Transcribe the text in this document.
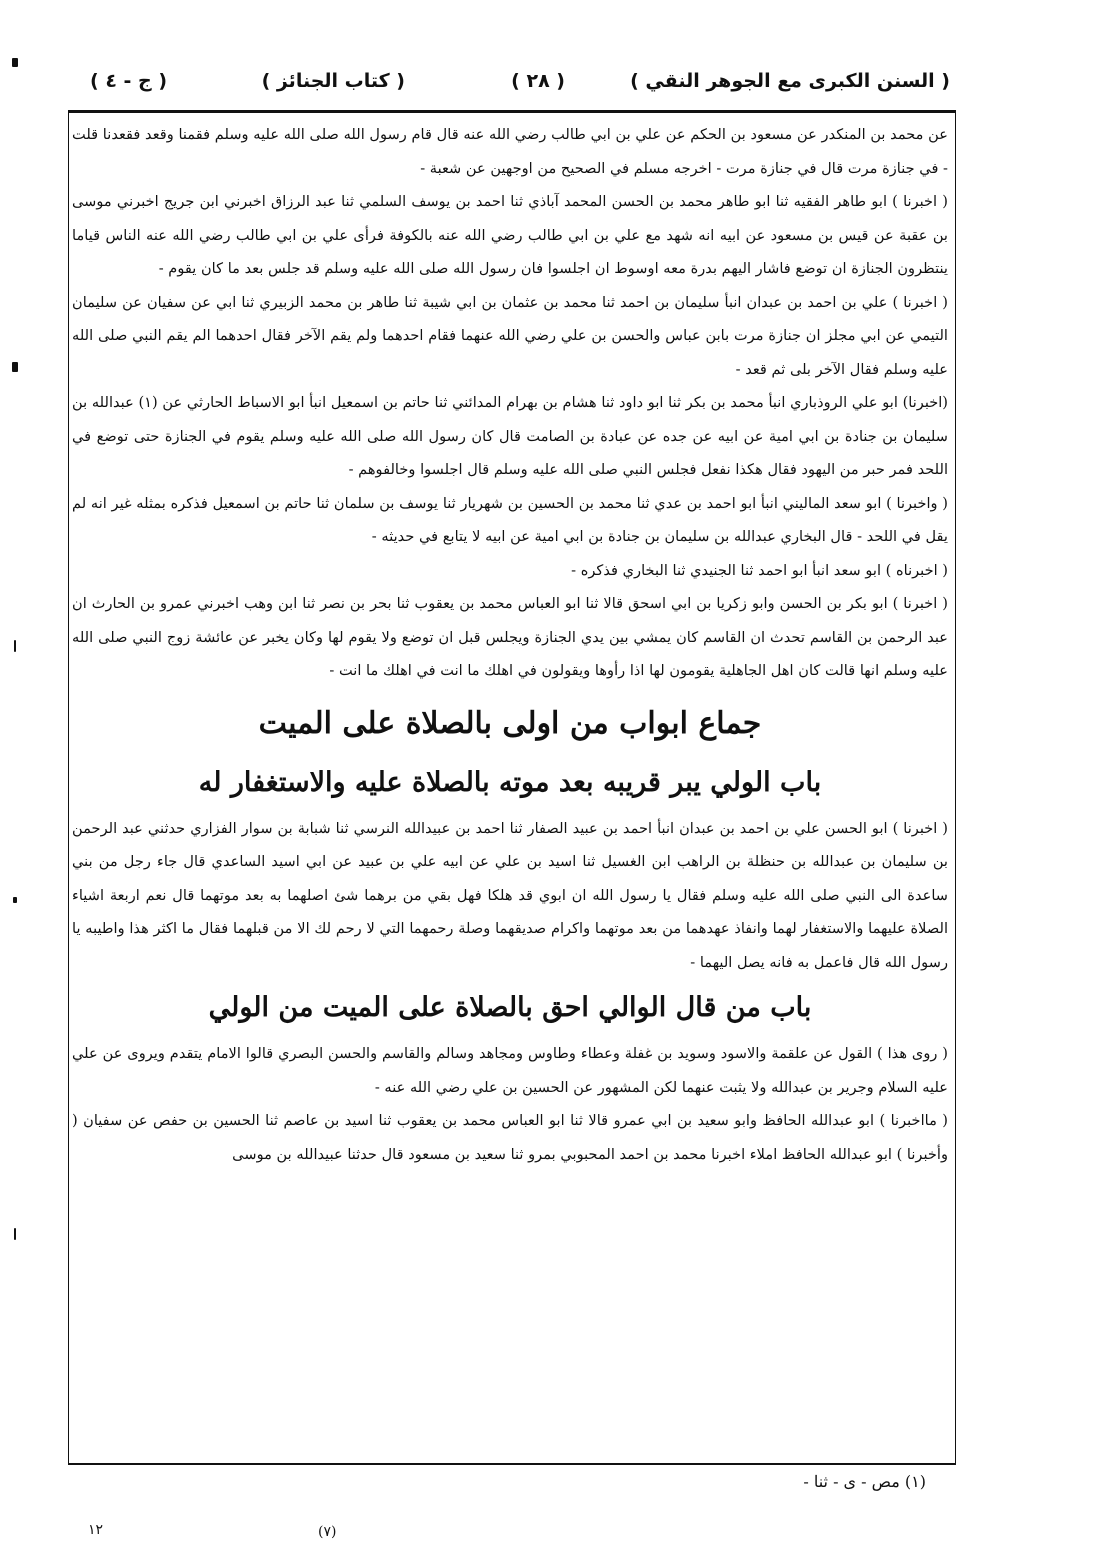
( السنن الكبرى مع الجوهر النقي )
( ٢٨ )
( كتاب الجنائز )
( ج - ٤ )

عن محمد بن المنكدر عن مسعود بن الحكم عن علي بن ابي طالب رضي الله عنه قال قام رسول الله صلى الله عليه وسلم فقمنا وقعد فقعدنا قلت - في جنازة مرت قال في جنازة مرت - اخرجه مسلم في الصحيح من اوجهين عن شعبة -

( اخبرنا ) ابو طاهر الفقيه ثنا ابو طاهر محمد بن الحسن المحمد آباذي ثنا احمد بن يوسف السلمي ثنا عبد الرزاق اخبرني ابن جريج اخبرني موسى بن عقبة عن قيس بن مسعود عن ابيه انه شهد مع علي بن ابي طالب رضي الله عنه بالكوفة فرأى علي بن ابي طالب رضي الله عنه الناس قياما ينتظرون الجنازة ان توضع فاشار اليهم بدرة معه اوسوط ان اجلسوا فان رسول الله صلى الله عليه وسلم قد جلس بعد ما كان يقوم -

( اخبرنا ) علي بن احمد بن عبدان انبأ سليمان بن احمد ثنا محمد بن عثمان بن ابي شيبة ثنا طاهر بن محمد الزبيري ثنا ابي عن سفيان عن سليمان التيمي عن ابي مجلز ان جنازة مرت بابن عباس والحسن بن علي رضي الله عنهما فقام احدهما ولم يقم الآخر فقال احدهما الم يقم النبي صلى الله عليه وسلم فقال الآخر بلى ثم قعد -

(اخبرنا) ابو علي الروذباري انبأ محمد بن بكر ثنا ابو داود ثنا هشام بن بهرام المدائني ثنا حاتم بن اسمعيل انبأ ابو الاسباط الحارثي عن (١) عبدالله بن سليمان بن جنادة بن ابي امية عن ابيه عن جده عن عبادة بن الصامت قال كان رسول الله صلى الله عليه وسلم يقوم في الجنازة حتى توضع في اللحد فمر حبر من اليهود فقال هكذا نفعل فجلس النبي صلى الله عليه وسلم قال اجلسوا وخالفوهم -

( واخبرنا ) ابو سعد الماليني انبأ ابو احمد بن عدي ثنا محمد بن الحسين بن شهريار ثنا يوسف بن سلمان ثنا حاتم بن اسمعيل فذكره بمثله غير انه لم يقل في اللحد - قال البخاري عبدالله بن سليمان بن جنادة بن ابي امية عن ابيه لا يتابع في حديثه -

( اخبرناه ) ابو سعد انبأ ابو احمد ثنا الجنيدي ثنا البخاري فذكره -

( اخبرنا ) ابو بكر بن الحسن وابو زكريا بن ابي اسحق قالا ثنا ابو العباس محمد بن يعقوب ثنا بحر بن نصر ثنا ابن وهب اخبرني عمرو بن الحارث ان عبد الرحمن بن القاسم تحدث ان القاسم كان يمشي بين يدي الجنازة ويجلس قبل ان توضع ولا يقوم لها وكان يخبر عن عائشة زوج النبي صلى الله عليه وسلم انها قالت كان اهل الجاهلية يقومون لها اذا رأوها ويقولون في اهلك ما انت في اهلك ما انت -

جماع ابواب من اولى بالصلاة على الميت
باب الولي يبر قريبه بعد موته بالصلاة عليه والاستغفار له

( اخبرنا ) ابو الحسن علي بن احمد بن عبدان انبأ احمد بن عبيد الصفار ثنا احمد بن عبيدالله النرسي ثنا شبابة بن سوار الفزاري حدثني عبد الرحمن بن سليمان بن عبدالله بن حنظلة بن الراهب ابن الغسيل ثنا اسيد بن علي عن ابيه علي بن عبيد عن ابي اسيد الساعدي قال جاء رجل من بني ساعدة الى النبي صلى الله عليه وسلم فقال يا رسول الله ان ابوي قد هلكا فهل بقي من برهما شئ اصلهما به بعد موتهما قال نعم اربعة اشياء الصلاة عليهما والاستغفار لهما وانفاذ عهدهما من بعد موتهما واكرام صديقهما وصلة رحمهما التي لا رحم لك الا من قبلهما فقال ما اكثر هذا واطيبه يا رسول الله قال فاعمل به فانه يصل اليهما -

باب من قال الوالي احق بالصلاة على الميت من الولي

( روى هذا ) القول عن علقمة والاسود وسويد بن غفلة وعطاء وطاوس ومجاهد وسالم والقاسم والحسن البصري قالوا الامام يتقدم ويروى عن علي عليه السلام وجرير بن عبدالله ولا يثبت عنهما لكن المشهور عن الحسين بن علي رضي الله عنه -

( مااخبرنا ) ابو عبدالله الحافظ وابو سعيد بن ابي عمرو قالا ثنا ابو العباس محمد بن يعقوب ثنا اسيد بن عاصم ثنا الحسين بن حفص عن سفيان ( وأخبرنا ) ابو عبدالله الحافظ املاء اخبرنا محمد بن احمد المحبوبي بمرو ثنا سعيد بن مسعود قال حدثنا عبيدالله بن موسى

(١) مص - ى - ثنا -
١٢	(٧)
